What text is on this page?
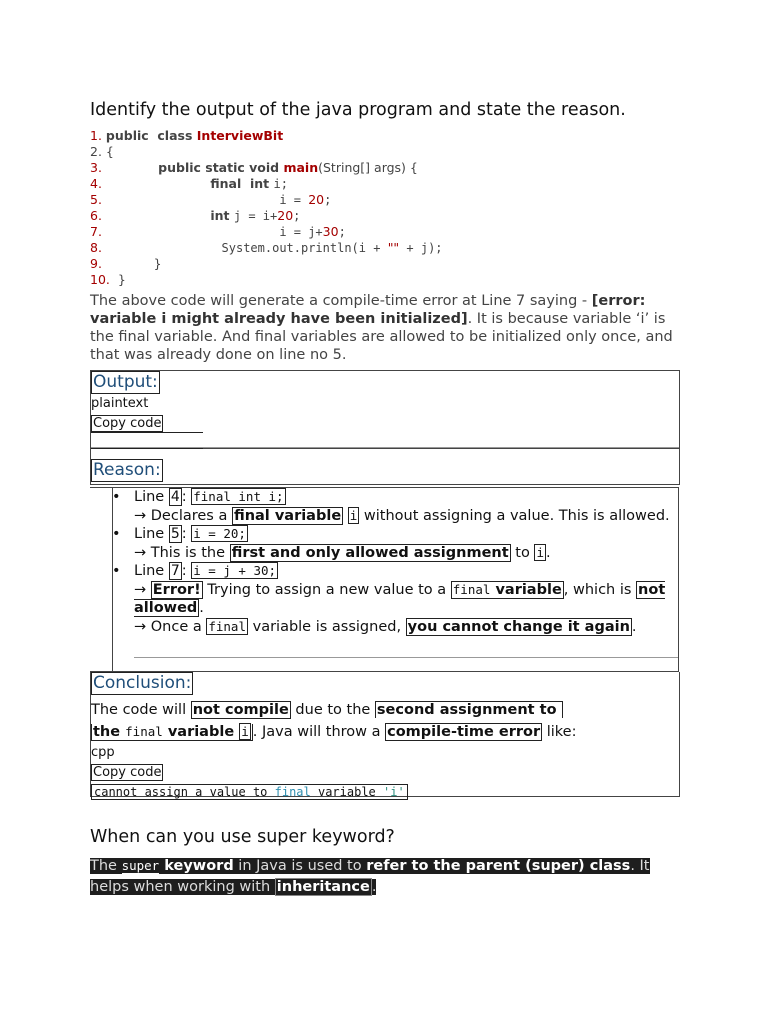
Identify the output of the java program and state the reason.
1. public  class InterviewBit
2. {
3.             public static void main(String[] args) {
4.                         final  int i;
5.                         i = 20;
6.                         int j = i+20;
7.                         i = j+30;
8.                 System.out.println(i + "" + j);
9.             }
10.  }

The above code will generate a compile-time error at Line 7 saying - [error: variable i might already have been initialized]. It is because variable ‘i’ is the final variable. And final variables are allowed to be initialized only once, and that was already done on line no 5.

Output:
plaintext
Copy code
Reason:
• Line 4 : final int i;
→ Declares a final variable i without assigning a value. This is allowed.
• Line 5 : i = 20;
→ This is the first and only allowed assignment to i .
• Line 7 : i = j + 30;
→ Error! Trying to assign a new value to a final variable , which is not allowed .
→ Once a final variable is assigned, you cannot change it again .
Conclusion:
The code will not compile due to the second assignment to
the final variable i . Java will throw a compile-time error like:
cpp
Copy code
cannot assign a value to final variable 'i'
When can you use super keyword?
The super keyword in Java is used to refer to the parent (super) class. It
helps when working with inheritance .
